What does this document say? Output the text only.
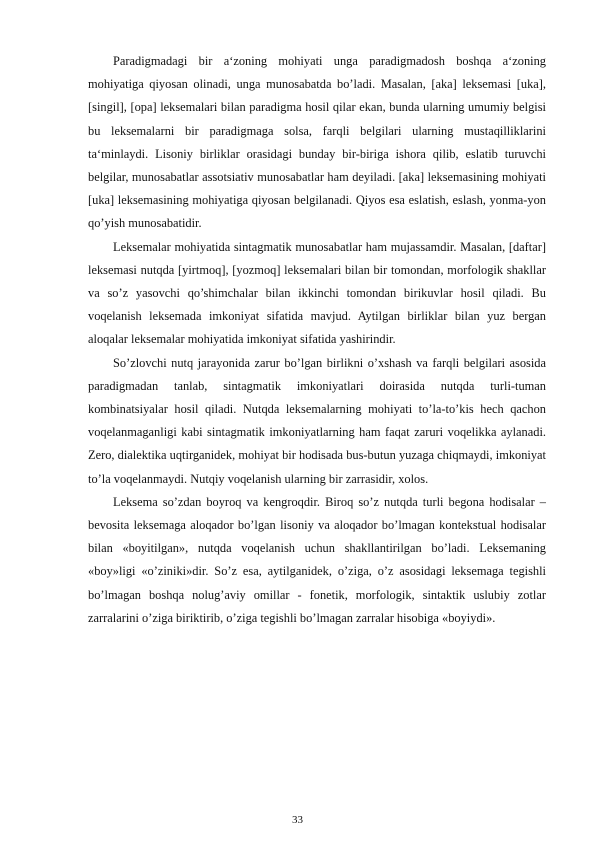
Paradigmadagi bir a‘zoning mohiyati unga paradigmadosh boshqa a‘zoning mohiyatiga qiyosan olinadi, unga munosabatda bo’ladi. Masalan, [aka] leksemasi [uka], [singil], [opa] leksemalari bilan paradigma hosil qilar ekan, bunda ularning umumiy belgisi bu leksemalarni bir paradigmaga solsa, farqli belgilari ularning mustaqilliklarini ta‘minlaydi. Lisoniy birliklar orasidagi bunday bir-biriga ishora qilib, eslatib turuvchi belgilar, munosabatlar assotsiativ munosabatlar ham deyiladi. [aka] leksemasining mohiyati [uka] leksemasining mohiyatiga qiyosan belgilanadi. Qiyos esa eslatish, eslash, yonma-yon qo’yish munosabatidir.

Leksemalar mohiyatida sintagmatik munosabatlar ham mujassamdir. Masalan, [daftar] leksemasi nutqda [yirtmoq], [yozmoq] leksemalari bilan bir tomondan, morfologik shakllar va so’z yasovchi qo’shimchalar bilan ikkinchi tomondan birikuvlar hosil qiladi. Bu voqelanish leksemada imkoniyat sifatida mavjud. Aytilgan birliklar bilan yuz bergan aloqalar leksemalar mohiyatida imkoniyat sifatida yashirindir.

So’zlovchi nutq jarayonida zarur bo’lgan birlikni o’xshash va farqli belgilari asosida paradigmadan tanlab, sintagmatik imkoniyatlari doirasida nutqda turli-tuman kombinatsiyalar hosil qiladi. Nutqda leksemalarning mohiyati to’la-to’kis hech qachon voqelanmaganligi kabi sintagmatik imkoniyatlarning ham faqat zaruri voqelikka aylanadi. Zero, dialektika uqtirganidek, mohiyat bir hodisada bus-butun yuzaga chiqmaydi, imkoniyat to’la voqelanmaydi. Nutqiy voqelanish ularning bir zarrasidir, xolos.

Leksema so’zdan boyroq va kengroqdir. Biroq so’z nutqda turli begona hodisalar – bevosita leksemaga aloqador bo’lgan lisoniy va aloqador bo’lmagan kontekstual hodisalar bilan «boyitilgan», nutqda voqelanish uchun shakllantirilgan bo’ladi. Leksemaning «boy»ligi «o’ziniki»dir. So’z esa, aytilganidek, o’ziga, o’z asosidagi leksemaga tegishli bo’lmagan boshqa nolug’aviy omillar - fonetik, morfologik, sintaktik uslubiy zotlar zarralarini o’ziga biriktirib, o’ziga tegishli bo’lmagan zarralar hisobiga «boyiydi».

33
